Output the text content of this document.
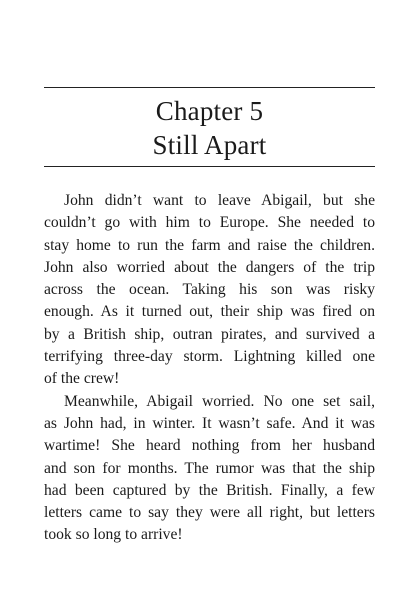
Chapter 5
Still Apart

John didn’t want to leave Abigail, but she
couldn’t go with him to Europe. She needed to
stay home to run the farm and raise the children.
John also worried about the dangers of the trip
across the ocean. Taking his son was risky
enough. As it turned out, their ship was fired on
by a British ship, outran pirates, and survived a
terrifying three-day storm. Lightning killed one
of the crew!

Meanwhile, Abigail worried. No one set sail,
as John had, in winter. It wasn’t safe. And it was
wartime! She heard nothing from her husband
and son for months. The rumor was that the ship
had been captured by the British. Finally, a few
letters came to say they were all right, but letters
took so long to arrive!
